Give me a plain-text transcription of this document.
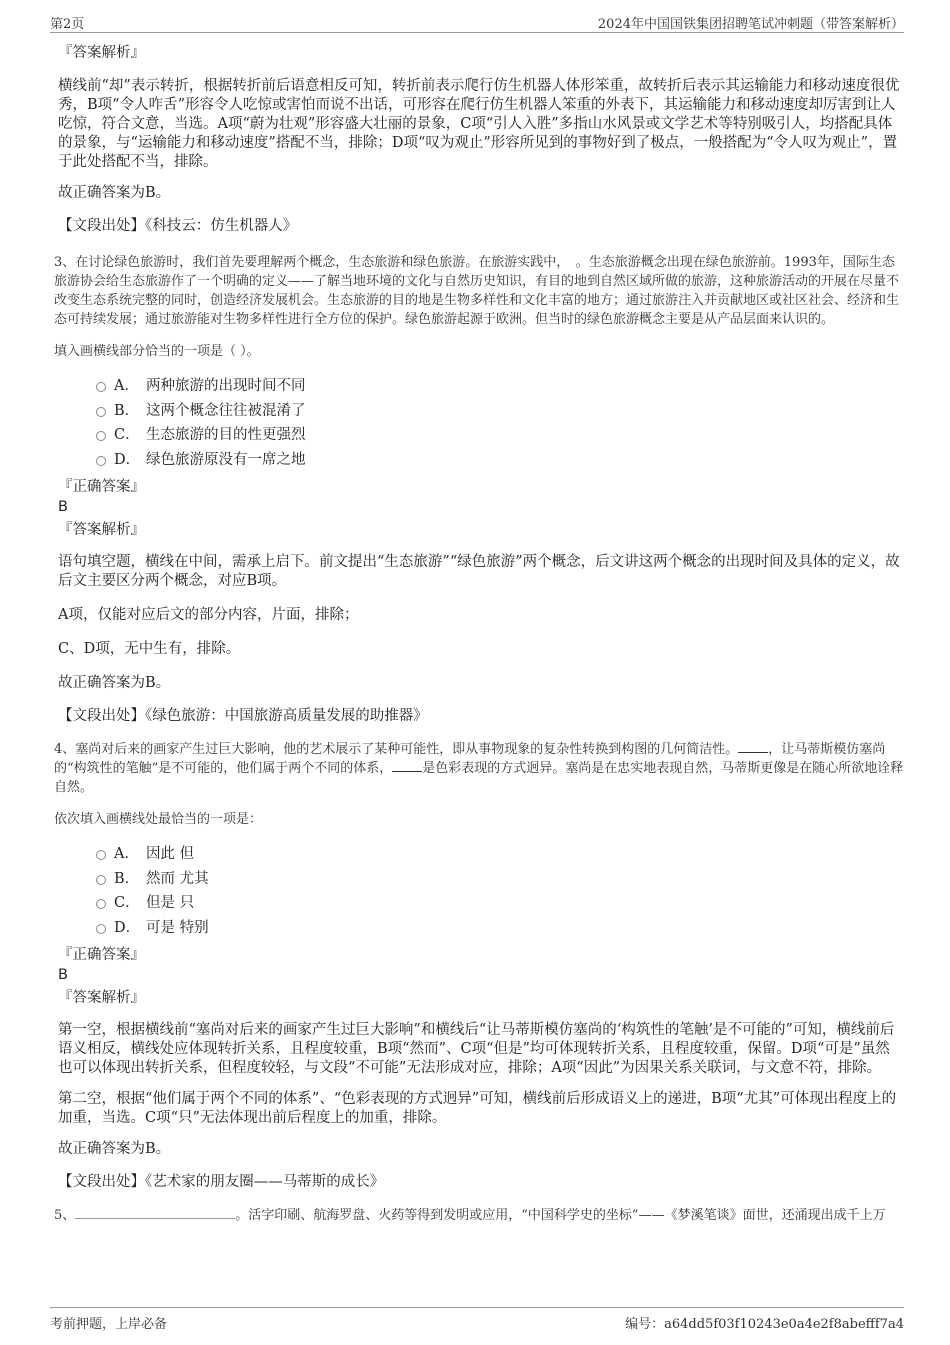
第2页	2024年中国国铁集团招聘笔试冲刺题（带答案解析）

『答案解析』

横线前“却”表示转折，根据转折前后语意相反可知，转折前表示爬行仿生机器人体形笨重，故转折后表示其运输能力和移动速度很优秀，B项“令人咋舌”形容令人吃惊或害怕而说不出话，可形容在爬行仿生机器人笨重的外表下，其运输能力和移动速度却厉害到让人吃惊，符合文意，当选。A项“蔚为壮观”形容盛大壮丽的景象，C项“引人入胜”多指山水风景或文学艺术等特别吸引人，均搭配具体的景象，与“运输能力和移动速度”搭配不当，排除；D项“叹为观止”形容所见到的事物好到了极点，一般搭配为“令人叹为观止”，置于此处搭配不当，排除。

故正确答案为B。

【文段出处】《科技云：仿生机器人》

3、在讨论绿色旅游时，我们首先要理解两个概念，生态旅游和绿色旅游。在旅游实践中，　。生态旅游概念出现在绿色旅游前。1993年，国际生态旅游协会给生态旅游作了一个明确的定义——了解当地环境的文化与自然历史知识，有目的地到自然区域所做的旅游，这种旅游活动的开展在尽量不改变生态系统完整的同时，创造经济发展机会。生态旅游的目的地是生物多样性和文化丰富的地方；通过旅游注入并贡献地区或社区社会、经济和生态可持续发展；通过旅游能对生物多样性进行全方位的保护。绿色旅游起源于欧洲。但当时的绿色旅游概念主要是从产品层面来认识的。

填入画横线部分恰当的一项是（ ）。

A． 两种旅游的出现时间不同
B． 这两个概念往往被混淆了
C． 生态旅游的目的性更强烈
D． 绿色旅游原没有一席之地

『正确答案』

B

『答案解析』

语句填空题，横线在中间，需承上启下。前文提出“生态旅游”“绿色旅游”两个概念，后文讲这两个概念的出现时间及具体的定义，故后文主要区分两个概念，对应B项。

A项，仅能对应后文的部分内容，片面，排除；

C、D项，无中生有，排除。

故正确答案为B。

【文段出处】《绿色旅游：中国旅游高质量发展的助推器》

4、塞尚对后来的画家产生过巨大影响，他的艺术展示了某种可能性，即从事物现象的复杂性转换到构图的几何简洁性。 ，让马蒂斯模仿塞尚的“构筑性的笔触”是不可能的，他们属于两个不同的体系， 是色彩表现的方式迥异。塞尚是在忠实地表现自然，马蒂斯更像是在随心所欲地诠释自然。

依次填入画横线处最恰当的一项是：

A． 因此 但
B． 然而 尤其
C． 但是 只
D． 可是 特别

『正确答案』

B

『答案解析』

第一空，根据横线前“塞尚对后来的画家产生过巨大影响”和横线后“让马蒂斯模仿塞尚的‘构筑性的笔触’是不可能的”可知，横线前后语义相反，横线处应体现转折关系，且程度较重，B项“然而”、C项“但是”均可体现转折关系，且程度较重，保留。D项“可是”虽然也可以体现出转折关系，但程度较轻，与文段“不可能”无法形成对应，排除；A项“因此”为因果关系关联词，与文意不符，排除。

第二空，根据“他们属于两个不同的体系”、“色彩表现的方式迥异”可知，横线前后形成语义上的递进，B项“尤其”可体现出程度上的加重，当选。C项“只”无法体现出前后程度上的加重，排除。

故正确答案为B。

【文段出处】《艺术家的朋友圈——马蒂斯的成长》

5、	。活字印刷、航海罗盘、火药等得到发明或应用，“中国科学史的坐标”——《梦溪笔谈》面世，还涌现出成千上万

考前押题，上岸必备	编号：a64dd5f03f10243e0a4e2f8abefff7a4
